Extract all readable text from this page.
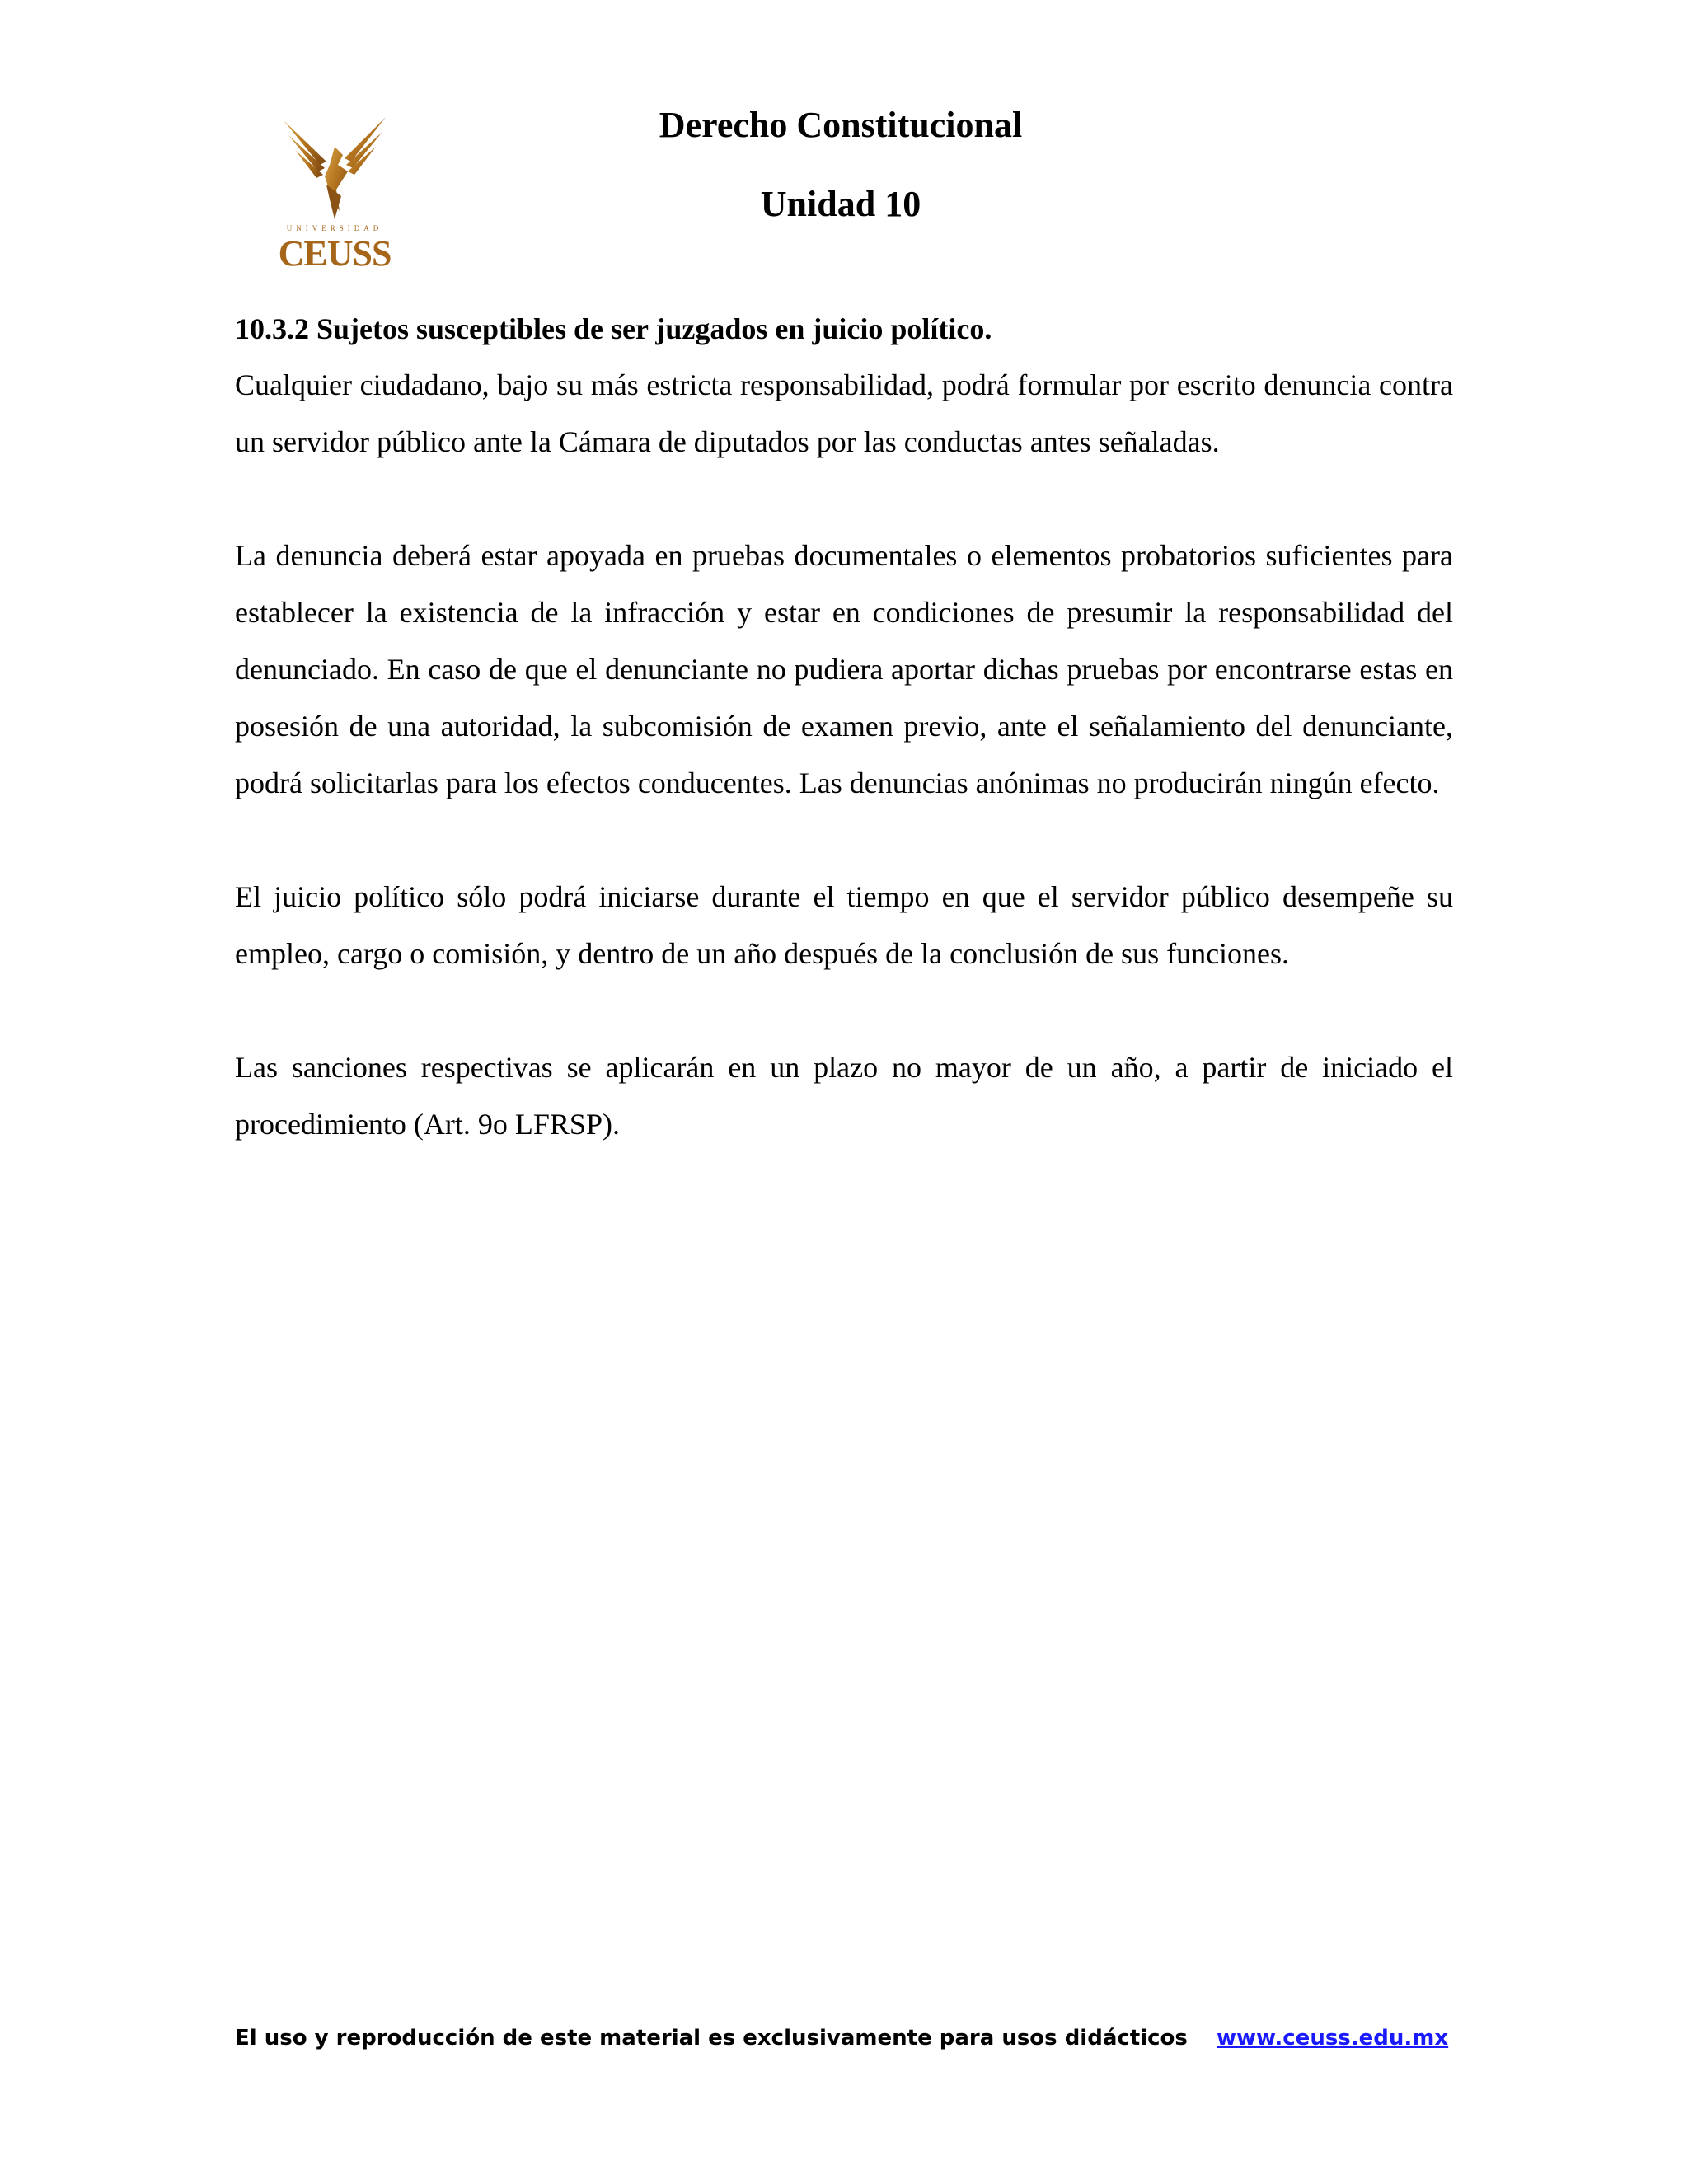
UNIVERSIDAD
CEUSS
Derecho Constitucional
Unidad 10
10.3.2 Sujetos susceptibles de ser juzgados en juicio político.

Cualquier ciudadano, bajo su más estricta responsabilidad, podrá formular por escrito denuncia contra un servidor público ante la Cámara de diputados por las conductas antes señaladas.

La denuncia deberá estar apoyada en pruebas documentales o elementos probatorios suficientes para establecer la existencia de la infracción y estar en condiciones de presumir la responsabilidad del denunciado. En caso de que el denunciante no pudiera aportar dichas pruebas por encontrarse estas en posesión de una autoridad, la subcomisión de examen previo, ante el señalamiento del denunciante, podrá solicitarlas para los efectos conducentes. Las denuncias anónimas no producirán ningún efecto.

El juicio político sólo podrá iniciarse durante el tiempo en que el servidor público desempeñe su empleo, cargo o comisión, y dentro de un año después de la conclusión de sus funciones.

Las sanciones respectivas se aplicarán en un plazo no mayor de un año, a partir de iniciado el procedimiento (Art. 9o LFRSP).

El uso y reproducción de este material es exclusivamente para usos didácticos www.ceuss.edu.mx
